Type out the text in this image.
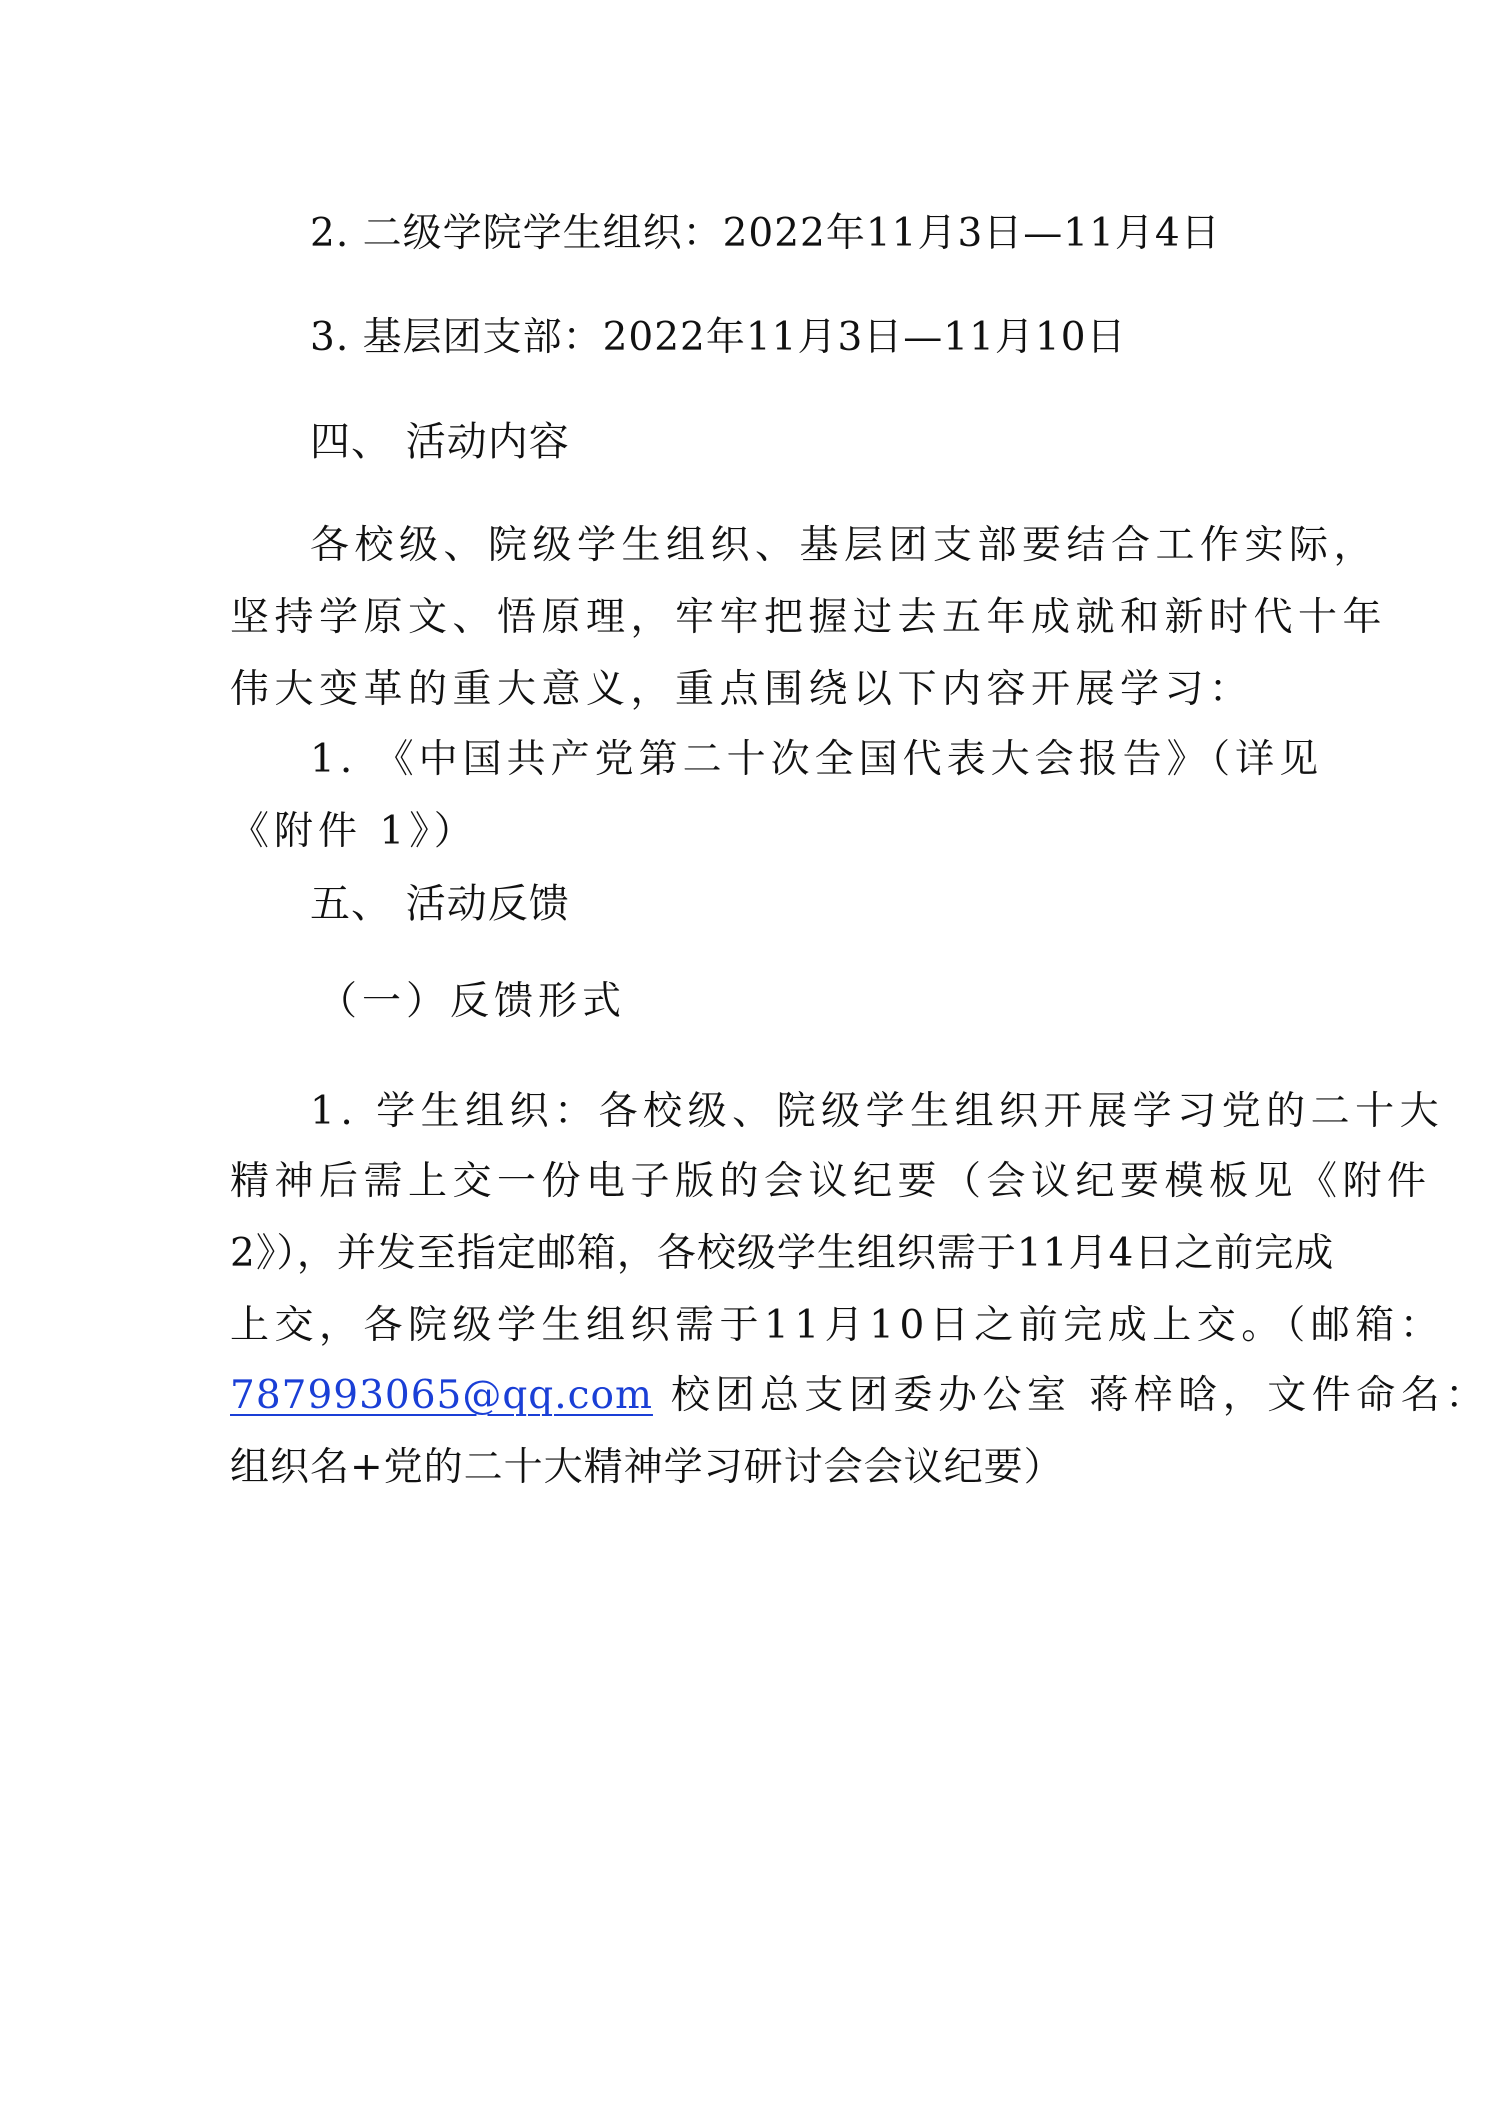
2. 二级学院学生组织：2022年11月3日—11月4日

3. 基层团支部：2022年11月3日—11月10日

四、 活动内容

各校级、院级学生组织、基层团支部要结合工作实际，

坚持学原文、悟原理，牢牢把握过去五年成就和新时代十年

伟大变革的重大意义，重点围绕以下内容开展学习：

1. 《中国共产党第二十次全国代表大会报告》（详见

《附件 1》）

五、 活动反馈

（一）反馈形式

1. 学生组织：各校级、院级学生组织开展学习党的二十大

精神后需上交一份电子版的会议纪要（会议纪要模板见《附件

2》），并发至指定邮箱，各校级学生组织需于11月4日之前完成

上交，各院级学生组织需于11月10日之前完成上交。（邮箱：

787993065@qq.com 校团总支团委办公室 蒋梓晗，文件命名：

组织名+党的二十大精神学习研讨会会议纪要）
